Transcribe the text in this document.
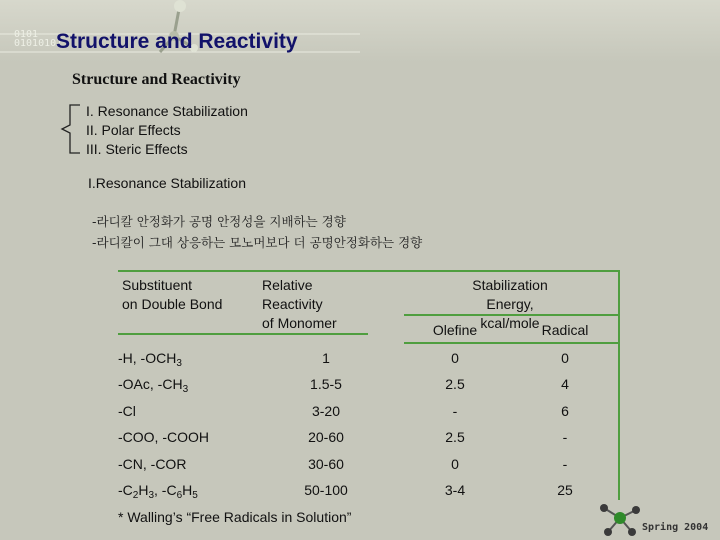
0101
01010101
Structure and Reactivity
Structure and Reactivity
I. Resonance Stabilization
II. Polar Effects
III. Steric Effects
I.Resonance Stabilization
-라디칼 안정화가 공명 안정성을 지배하는 경향
-라디칼이 그대 상응하는 모노머보다 더 공명안정화하는 경향
Substituent
on Double Bond
Relative
Reactivity
of Monomer
Stabilization Energy,
kcal/mole
Olefine	Radical
-H, $-OCH_3$	1	0	0
-OAc, $-CH_3$	1.5-5	2.5	4
-Cl	3-20	-	6
-COO, -COOH	20-60	2.5	-
-CN, -COR	30-60	0	-
$-C_2H_3$, $-C_6H_5$	50-100	3-4	25
* Walling’s “Free Radicals in Solution”
Spring 2004
